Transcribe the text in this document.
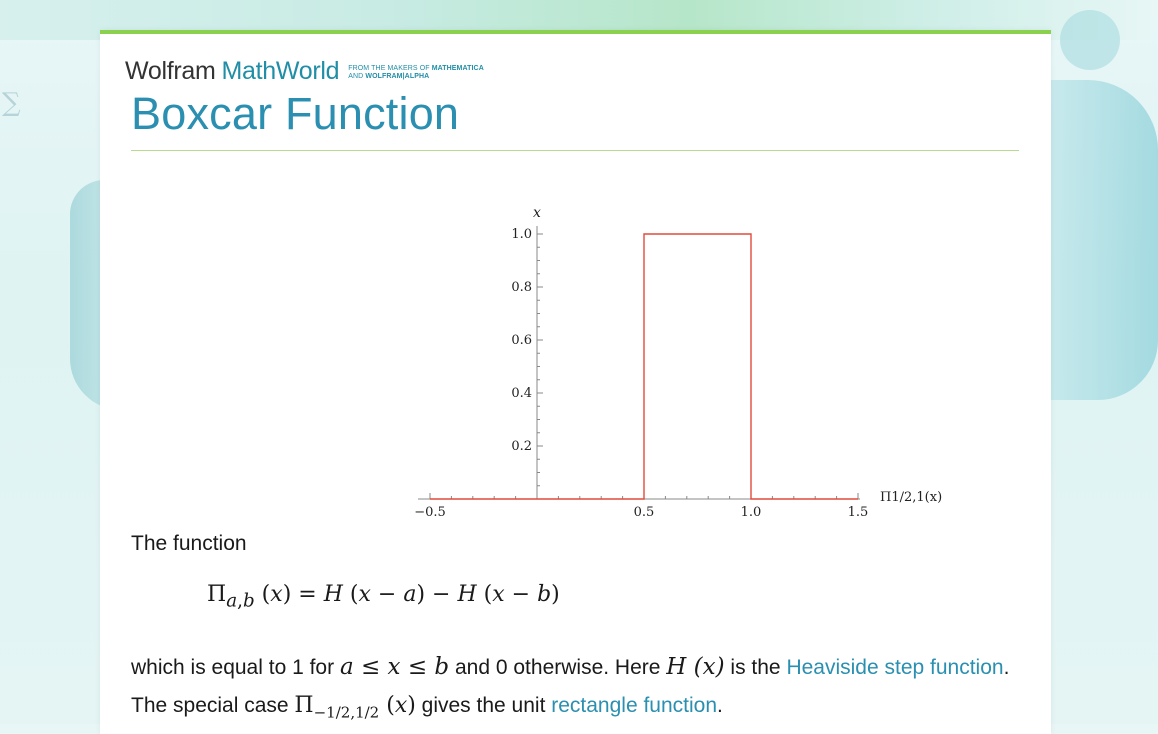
∑
Wolfram MathWorld FROM THE MAKERS OF MATHEMATICA
AND WOLFRAM|ALPHA
Boxcar Function
−0.5	0.5	1.0	1.5
0.2
0.4
0.6
0.8
1.0
x
Π1/2,1(x)

The function

$\Pi_{a,b}$ (x) = H (x − a) − H (x − b)

which is equal to 1 for a ≤ x ≤ b and 0 otherwise. Here H (x) is the Heaviside step function. The special case $\Pi_{-1/2,1/2}$ (x) gives the unit rectangle function.
